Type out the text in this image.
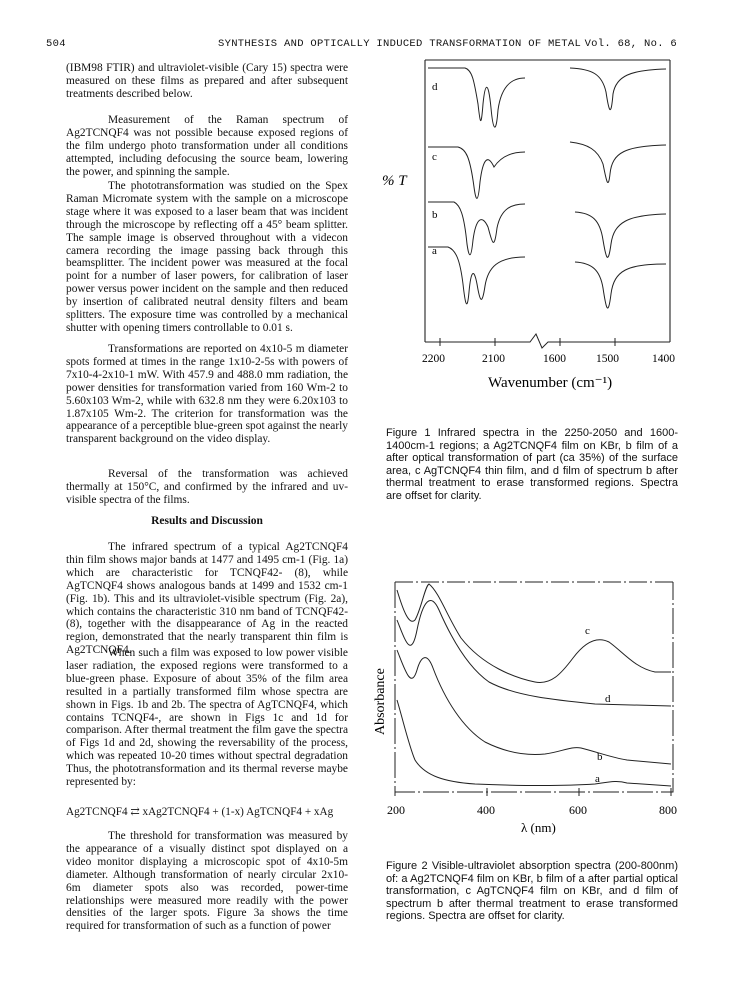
504	SYNTHESIS AND OPTICALLY INDUCED TRANSFORMATION OF METAL Vol. 68, No. 6

(IBM98 FTIR) and ultraviolet-visible (Cary 15) spectra were measured on these films as prepared and after subsequent treatments described below.

Measurement of the Raman spectrum of Ag2TCNQF4 was not possible because exposed regions of the film undergo photo transformation under all conditions attempted, including defocusing the source beam, lowering the power, and spinning the sample.

The phototransformation was studied on the Spex Raman Micromate system with the sample on a microscope stage where it was exposed to a laser beam that was incident through the microscope by reflecting off a 45° beam splitter. The sample image is observed throughout with a videcon camera recording the image passing back through this beamsplitter. The incident power was measured at the focal point for a number of laser powers, for calibration of laser power versus power incident on the sample and then reduced by insertion of calibrated neutral density filters and beam splitters. The exposure time was controlled by a mechanical shutter with opening timers controllable to 0.01 s.

Transformations are reported on 4x10-5 m diameter spots formed at times in the range 1x10-2-5s with powers of 7x10-4-2x10-1 mW. With 457.9 and 488.0 mm radiation, the power densities for transformation varied from 160 Wm-2 to 5.60x103 Wm-2, while with 632.8 nm they were 6.20x103 to 1.87x105 Wm-2. The criterion for transformation was the appearance of a perceptible blue-green spot against the nearly transparent background on the video display.

Reversal of the transformation was achieved thermally at 150°C, and confirmed by the infrared and uv-visible spectra of the films.

Results and Discussion

The infrared spectrum of a typical Ag2TCNQF4 thin film shows major bands at 1477 and 1495 cm-1 (Fig. 1a) which are characteristic for TCNQF42- (8), while AgTCNQF4 shows analogous bands at 1499 and 1532 cm-1 (Fig. 1b). This and its ultraviolet-visible spectrum (Fig. 2a), which contains the characteristic 310 nm band of TCNQF42- (8), together with the disappearance of Ag in the reacted region, demonstrated that the nearly transparent thin film is Ag2TCNQF4.

When such a film was exposed to low power visible laser radiation, the exposed regions were transformed to a blue-green phase. Exposure of about 35% of the film area resulted in a partially transformed film whose spectra are shown in Figs. 1b and 2b. The spectra of AgTCNQF4, which contains TCNQF4-, are shown in Figs 1c and 1d for comparison. After thermal treatment the film gave the spectra of Figs 1d and 2d, showing the reversability of the process, which was repeated 10-20 times without spectral degradation Thus, the phototransformation and its thermal reverse maybe represented by:

Ag2TCNQF4 ⇄ xAg2TCNQF4 + (1-x) AgTCNQF4 + xAg

The threshold for transformation was measured by the appearance of a visually distinct spot displayed on a video monitor displaying a microscopic spot of 4x10-5m diameter. Although transformation of nearly circular 2x10-6m diameter spots also was recorded, power-time relationships were measured more readily with the power densities of the larger spots. Figure 3a shows the time required for transformation of such as a function of power

d
c
b
a
% T
2200	2100	1600	1500	1400
Wavenumber (cm⁻¹)
Figure 1 Infrared spectra in the 2250-2050 and 1600-1400cm-1 regions; a Ag2TCNQF4 film on KBr, b film of a after optical transformation of part (ca 35%) of the surface area, c AgTCNQF4 thin film, and d film of spectrum b after thermal treatment to erase transformed regions. Spectra are offset for clarity.
c
d
b
a
Absorbance
200	400	600	800
λ (nm)
Figure 2 Visible-ultraviolet absorption spectra (200-800nm) of: a Ag2TCNQF4 film on KBr, b film of a after partial optical transformation, c AgTCNQF4 film on KBr, and d film of spectrum b after thermal treatment to erase transformed regions. Spectra are offset for clarity.
